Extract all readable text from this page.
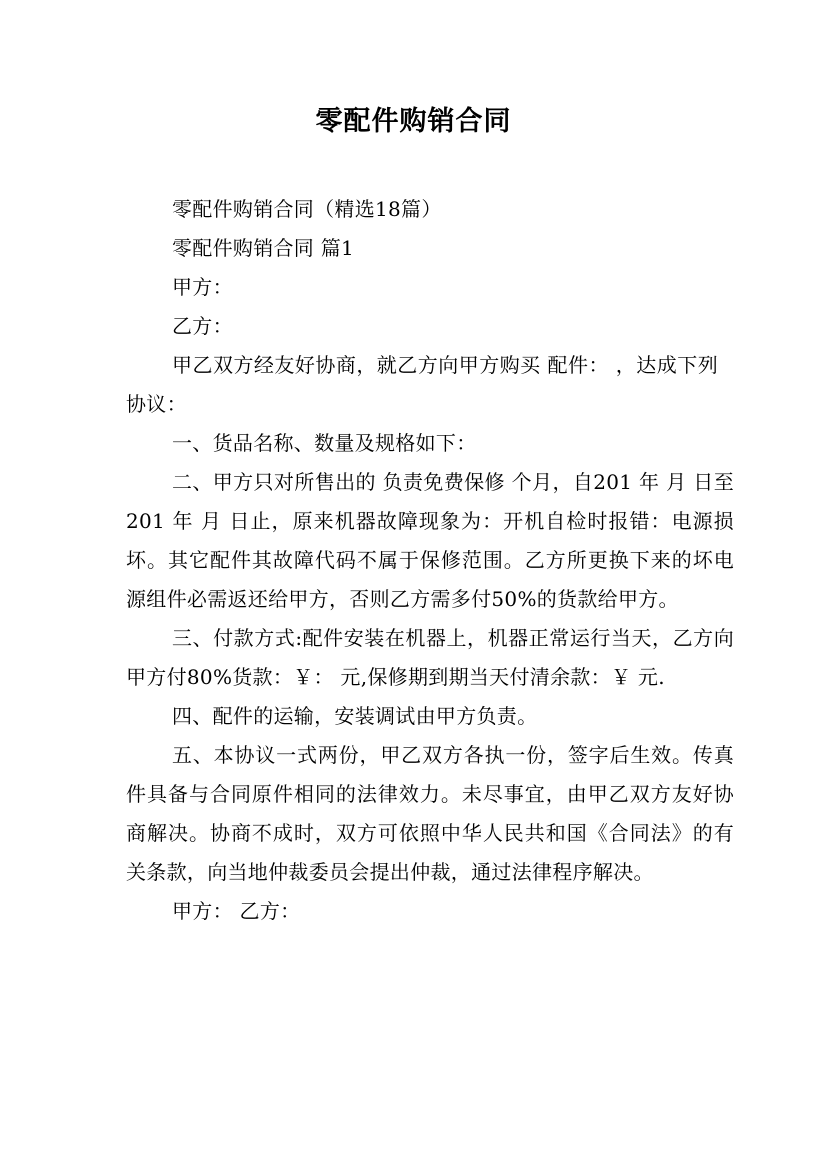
零配件购销合同

零配件购销合同（精选18篇）

零配件购销合同 篇1

甲方：

乙方：

甲乙双方经友好协商，就乙方向甲方购买 配件： ，达成下列协议：

一、货品名称、数量及规格如下：

二、甲方只对所售出的 负责免费保修 个月，自201 年 月 日至201 年 月 日止，原来机器故障现象为：开机自检时报错：电源损坏。其它配件其故障代码不属于保修范围。乙方所更换下来的坏电源组件必需返还给甲方，否则乙方需多付50%的货款给甲方。

三、付款方式:配件安装在机器上，机器正常运行当天，乙方向甲方付80%货款：￥： 元,保修期到期当天付清余款：￥ 元.

四、配件的运输，安装调试由甲方负责。

五、本协议一式两份，甲乙双方各执一份，签字后生效。传真件具备与合同原件相同的法律效力。未尽事宜，由甲乙双方友好协商解决。协商不成时，双方可依照中华人民共和国《合同法》的有关条款，向当地仲裁委员会提出仲裁，通过法律程序解决。

甲方： 乙方：
